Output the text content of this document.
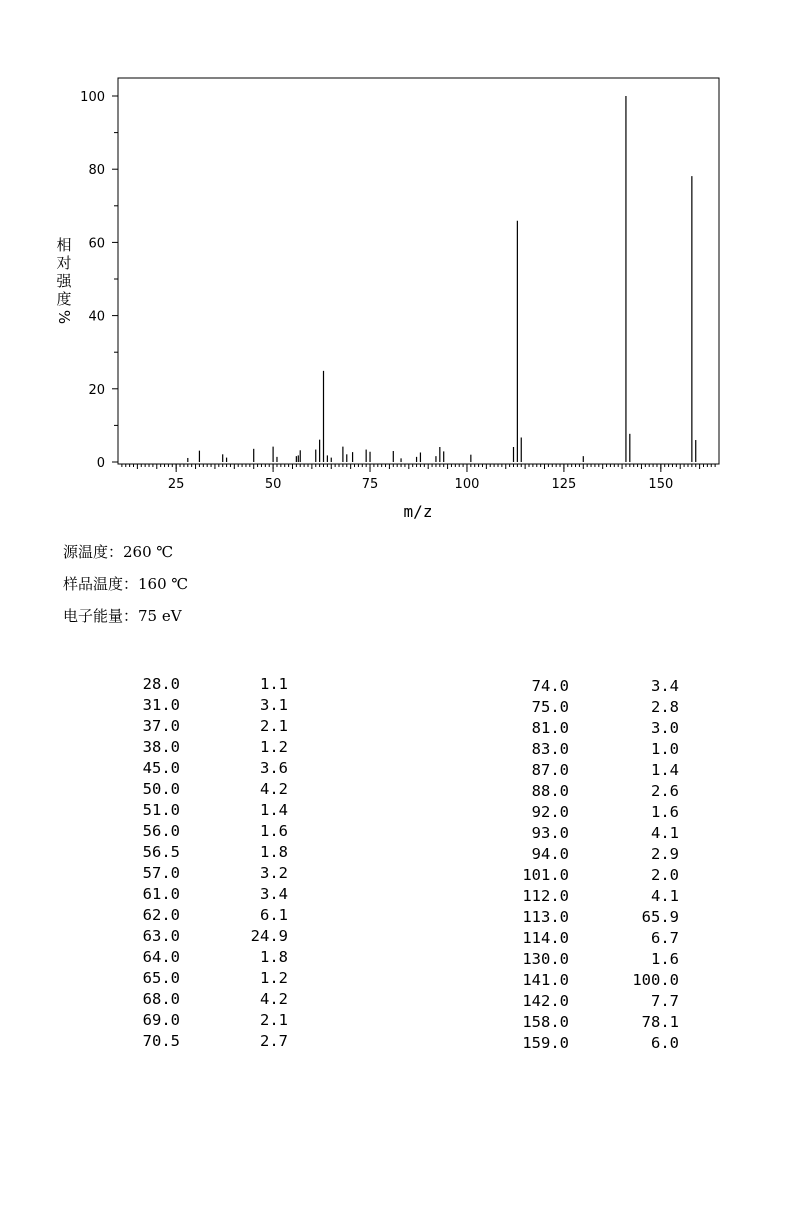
0
20
40
60
80
100
25	50	75	100	125	150
m/z
相
对
强
度
%
源温度：260 ℃
样品温度：160 ℃
电子能量：75 eV
28.0	1.1
31.0	3.1
37.0	2.1
38.0	1.2
45.0	3.6
50.0	4.2
51.0	1.4
56.0	1.6
56.5	1.8
57.0	3.2
61.0	3.4
62.0	6.1
63.0	24.9
64.0	1.8
65.0	1.2
68.0	4.2
69.0	2.1
70.5	2.7
74.0	3.4
75.0	2.8
81.0	3.0
83.0	1.0
87.0	1.4
88.0	2.6
92.0	1.6
93.0	4.1
94.0	2.9
101.0	2.0
112.0	4.1
113.0	65.9
114.0	6.7
130.0	1.6
141.0	100.0
142.0	7.7
158.0	78.1
159.0	6.0
